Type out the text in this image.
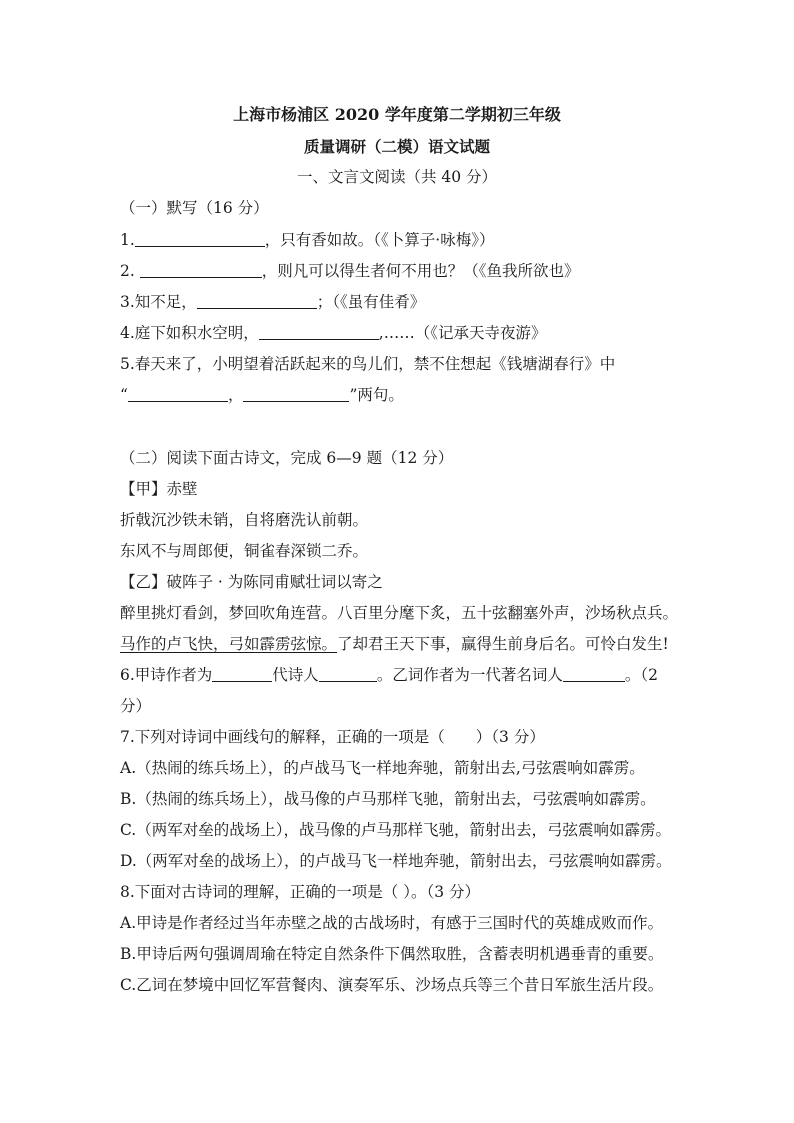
上海市杨浦区 2020 学年度第二学期初三年级
质量调研（二模）语文试题
一、文言文阅读（共 40 分）
（一）默写（16 分）
1.	，只有香如故。（《卜算子·咏梅》）
2.	，则凡可以得生者何不用也？（《鱼我所欲也》
3.知不足，	；（《虽有佳肴》
4.庭下如积水空明，	,……（《记承天寺夜游》
5.春天来了，小明望着活跃起来的鸟儿们，禁不住想起《钱塘湖春行》中
“	，	”两句。
（二）阅读下面古诗文，完成 6—9 题（12 分）
【甲】赤壁
折戟沉沙铁未销，自将磨洗认前朝。
东风不与周郎便，铜雀春深锁二乔。
【乙】破阵子 · 为陈同甫赋壮词以寄之
醉里挑灯看剑，梦回吹角连营。八百里分麾下炙，五十弦翻塞外声，沙场秋点兵。
马作的卢飞快，弓如霹雳弦惊。了却君王天下事，赢得生前身后名。可怜白发生!
6.甲诗作者为	代诗人	。乙词作者为一代著名词人	。（2
分）
7.下列对诗词中画线句的解释，正确的一项是（　　）（3 分）
A.（热闹的练兵场上），的卢战马飞一样地奔驰，箭射出去,弓弦震响如霹雳。
B.（热闹的练兵场上），战马像的卢马那样飞驰，箭射出去，弓弦震响如霹雳。
C.（两军对垒的战场上），战马像的卢马那样飞驰，箭射出去，弓弦震响如霹雳。
D.（两军对垒的战场上），的卢战马飞一样地奔驰，箭射出去，弓弦震响如霹雳。
8.下面对古诗词的理解，正确的一项是（ ）。（3 分）
A.甲诗是作者经过当年赤壁之战的古战场时，有感于三国时代的英雄成败而作。
B.甲诗后两句强调周瑜在特定自然条件下偶然取胜，含蓄表明机遇垂青的重要。
C.乙词在梦境中回忆军营餐肉、演奏军乐、沙场点兵等三个昔日军旅生活片段。
